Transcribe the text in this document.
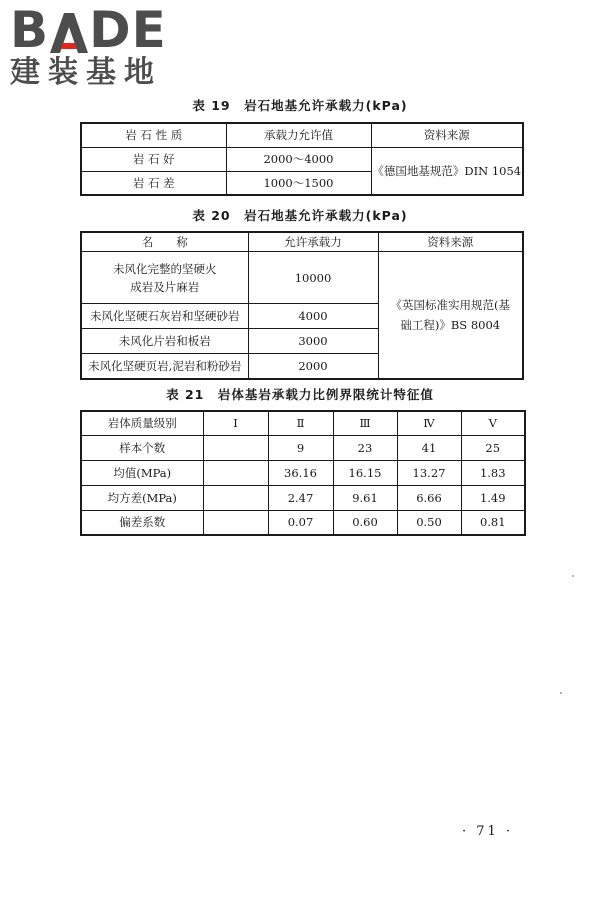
B DE
建装基地
表 19　岩石地基允许承载力(kPa)
岩 石 性 质	承载力允许值	资料来源
岩 石 好	2000～4000	《德国地基规范》DIN 1054
岩 石 差	1000～1500	
表 20　岩石地基允许承载力(kPa)
名　　称	允许承载力	资料来源
未风化完整的坚硬火
成岩及片麻岩	10000	《英国标准实用规范(基础工程)》BS 8004
未风化坚硬石灰岩和坚硬砂岩	4000	
未风化片岩和板岩	3000	
未风化坚硬页岩,泥岩和粉砂岩	2000	
表 21　岩体基岩承载力比例界限统计特征值
岩体质量级别	Ⅰ	Ⅱ	Ⅲ	Ⅳ	Ⅴ
样本个数		9	23	41	25
均值(MPa)		36.16	16.15	13.27	1.83
均方差(MPa)		2.47	9.61	6.66	1.49
偏差系数		0.07	0.60	0.50	0.81
· 71 ·
